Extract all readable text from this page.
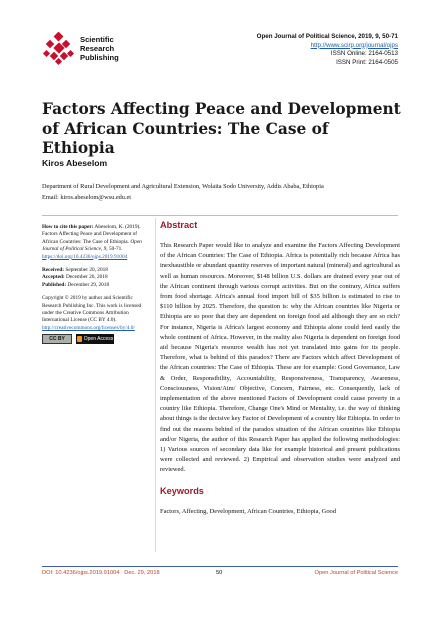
Scientific
Research
Publishing
Open Journal of Political Science, 2019, 9, 50-71
http://www.scirp.org/journal/ojps
ISSN Online: 2164-0513
ISSN Print: 2164-0505
Factors Affecting Peace and Development of African Countries: The Case of Ethiopia
Kiros Abeselom
Department of Rural Development and Agricultural Extension, Wolaita Sodo University, Addis Ababa, Ethiopia
Email: kiros.abeselom@wsu.edu.et
How to cite this paper: Abeselom, K. (2019). Factors Affecting Peace and Development of African Countries: The Case of Ethiopia. Open Journal of Political Science, 9, 50-71.
https://doi.org/10.4236/ojps.2019.91004
Received: September 20, 2018
Accepted: December 26, 2018
Published: December 29, 2018
Copyright © 2019 by author and Scientific Research Publishing Inc. This work is licensed under the Creative Commons Attribution International License (CC BY 4.0).
http://creativecommons.org/licenses/by/4.0/
CC BY	Open Access
Abstract

This Research Paper would like to analyze and examine the Factors Affecting Development of the African Countries: The Case of Ethiopia. Africa is potentially rich because Africa has inexhaustible or abundant quantity reserves of important natural (mineral) and agricultural as well as human resources. Moreover, $148 billion U.S. dollars are drained every year out of the African continent through various corrupt activities. But on the contrary, Africa suffers from food shortage. Africa's annual food import bill of $35 billion is estimated to rise to $110 billion by 2025. Therefore, the question is: why the African countries like Nigeria or Ethiopia are so poor that they are dependent on foreign food aid although they are so rich? For instance, Nigeria is Africa's largest economy and Ethiopia alone could feed easily the whole continent of Africa. However, in the reality also Nigeria is dependent on foreign food aid because Nigeria's resource wealth has not yet translated into gains for its people. Therefore, what is behind of this paradox? There are Factors which affect Development of the African countries: The Case of Ethiopia. These are for example: Good Governance, Law & Order, Responsibility, Accountability, Responsiveness, Transparency, Awareness, Consciousness, Vision/Aim/ Objective, Concern, Fairness, etc. Consequently, lack of implementation of the above mentioned Factors of Development could cause poverty in a country like Ethiopia. Therefore, Change One's Mind or Mentality, i.e. the way of thinking about things is the decisive key Factor of Development of a country like Ethiopia. In order to find out the reasons behind of the paradox situation of the African countries like Ethiopia and/or Nigeria, the author of this Research Paper has applied the following methodologies: 1) Various sources of secondary data like for example historical and present publications were collected and reviewed. 2) Empirical and observation studies were analyzed and reviewed.

Keywords

Factors, Affecting, Development, African Countries, Ethiopia, Good

DOI: 10.4236/ojps.2019.91004 Dec. 29, 2018	50	Open Journal of Political Science
